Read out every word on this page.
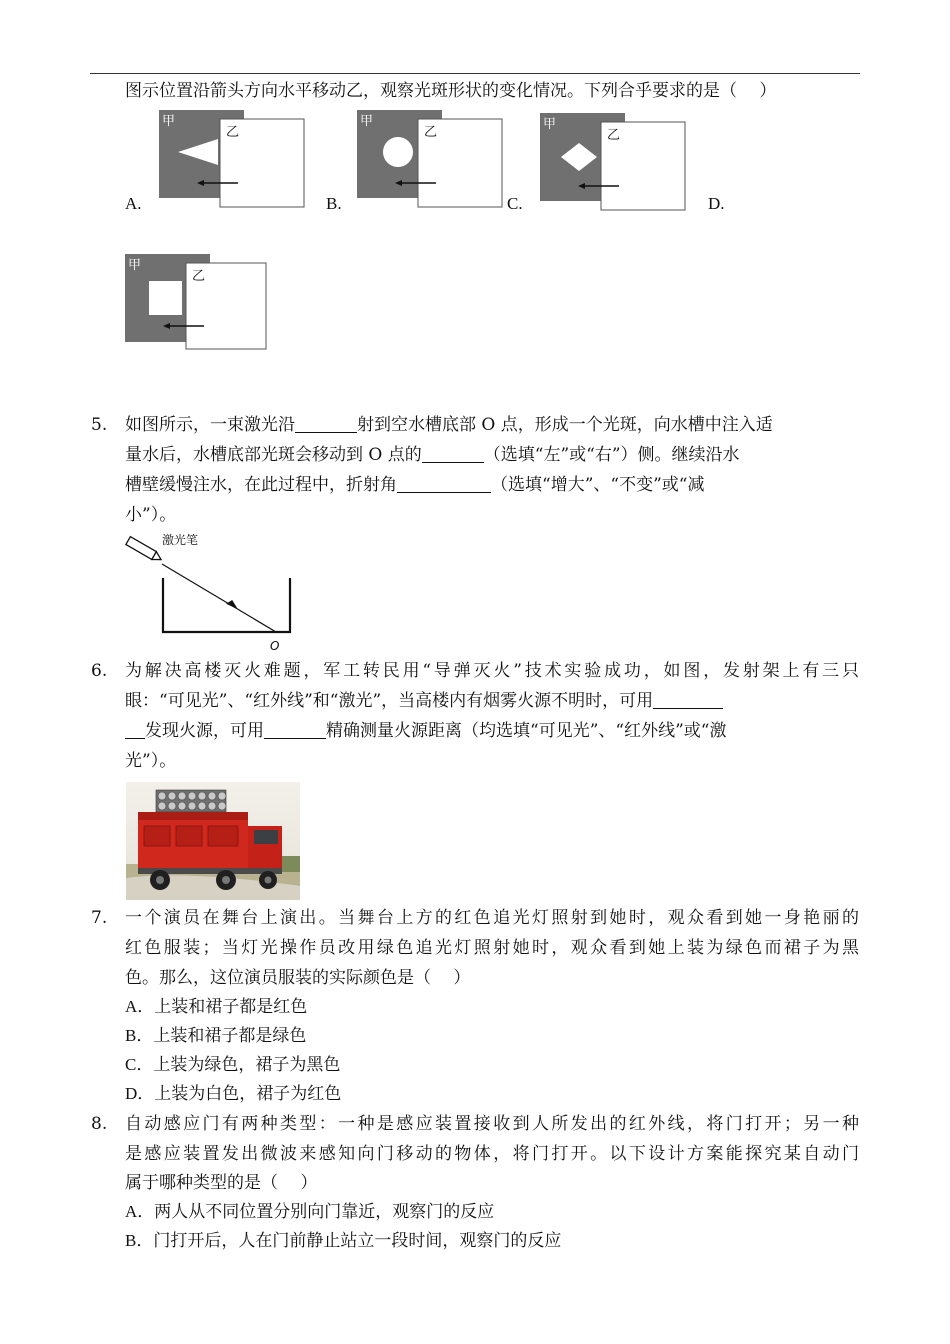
图示位置沿箭头方向水平移动乙，观察光斑形状的变化情况。下列合乎要求的是（　 ）
甲
乙
A.
甲
乙
B.
甲
乙
C.	D.
甲
乙
5. 如图所示，一束激光沿	射到空水槽底部 O 点，形成一个光斑，向水槽中注入适
量水后，水槽底部光斑会移动到 O 点的	（选填“左”或“右”）侧。继续沿水
槽壁缓慢注水，在此过程中，折射角	（选填“增大”、“不变”或“减
小”）。
激光笔
O
6. 为解决高楼灭火难题，军工转民用“导弹灭火”技术实验成功，如图，发射架上有三只
眼：“可见光”、“红外线”和“激光”，当高楼内有烟雾火源不明时，可用
发现火源，可用	精确测量火源距离（均选填“可见光”、“红外线”或“激
光”）。
7. 一个演员在舞台上演出。当舞台上方的红色追光灯照射到她时，观众看到她一身艳丽的
红色服装；当灯光操作员改用绿色追光灯照射她时，观众看到她上装为绿色而裙子为黑
色。那么，这位演员服装的实际颜色是（　 ）
A．上装和裙子都是红色
B．上装和裙子都是绿色
C．上装为绿色，裙子为黑色
D．上装为白色，裙子为红色
8. 自动感应门有两种类型：一种是感应装置接收到人所发出的红外线，将门打开；另一种
是感应装置发出微波来感知向门移动的物体，将门打开。以下设计方案能探究某自动门
属于哪种类型的是（　 ）
A．两人从不同位置分别向门靠近，观察门的反应
B．门打开后，人在门前静止站立一段时间，观察门的反应
